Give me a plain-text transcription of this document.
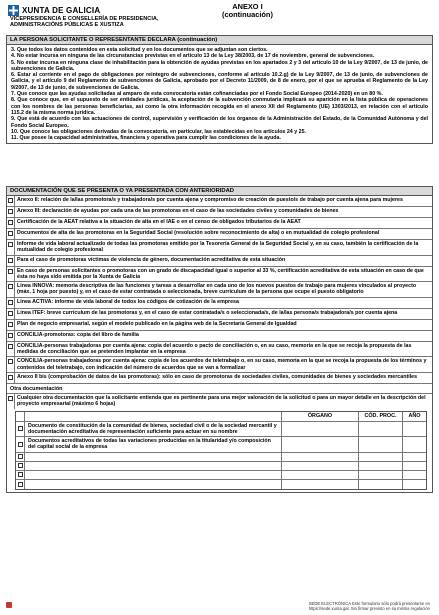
XUNTA DE GALICIA
VICEPRESIDENCIA E CONSELLERÍA DE PRESIDENCIA,
ADMINISTRACIÓNS PÚBLICAS E XUSTIZA
ANEXO I
(continuación)
LA PERSONA SOLICITANTE O REPRESENTANTE DECLARA (continuación)
3. Que todos los datos contenidos en esta solicitud y en los documentos que se adjuntan son ciertos.
4. No estar incursa en ninguna de las circunstancias previstas en el artículo 13 de la Ley 38/2003, de 17 de noviembre, general de subvenciones.
5. No estar incursa en ninguna clase de inhabilitación para la obtención de ayudas previstas en los apartados 2 y 3 del artículo 10 de la Ley 9/2007, de 13 de junio, de subvenciones de Galicia.
6. Estar al corriente en el pago de obligaciones por reintegro de subvenciones, conforme al artículo 10.2.g) de la Ley 9/2007, de 13 de junio, de subvenciones de Galicia, y el artículo 9 del Reglamento de subvenciones de Galicia, aprobado por el Decreto 11/2009, de 8 de enero, por el que se aprueba el Reglamento de la Ley 9/2007, de 13 de junio, de subvenciones de Galicia.
7. Que conoce que las ayudas solicitadas al amparo de esta convocatoria están cofinanciadas por el Fondo Social Europeo (2014-2020) en un 80 %.
8. Que conoce que, en el supuesto de ser entidades jurídicas, la aceptación de la subvención conmutaria implicará su aparición en la lista pública de operaciones con los nombres de las personas beneficiarias, así como la otra información recogida en el anexo XII del Reglamento (UE) 1303/2013, en relación con el artículo 115.2 de la misma norma jurídica.
9. Que está de acuerdo con las actuaciones de control, supervisión y verificación de los órganos de la Administración del Estado, de la Comunidad Autónoma y del Fondo Social Europeo.
10. Que conoce las obligaciones derivadas de la convocatoria, en particular, las establecidas en los artículos 24 y 25.
11. Que posee la capacidad administrativa, financiera y operativa para cumplir las condiciones de la ayuda.
DOCUMENTACIÓN QUE SE PRESENTA O YA PRESENTADA CON ANTERIORIDAD
Anexo II: relación de la/las promotora/s y trabajadora/s por cuenta ajena y compromiso de creación de puesto/s de trabajo por cuenta ajena para mujeres
Anexo III: declaración de ayudas por cada una de las promotoras en el caso de las sociedades civiles y comunidades de bienes
Certificación de la AEAT relativa a la situación de alta en el IAE o en el censo de obligados tributarios de la AEAT
Documentos de alta de las promotoras en la Seguridad Social (resolución sobre reconocimiento de alta) o en mutualidad de colegio profesional
Informe de vida laboral actualizado de todas las promotoras emitido por la Tesorería General de la Seguridad Social y, en su caso, también la certificación de la mutualidad de colegio profesional
Para el caso de promotoras víctimas de violencia de género, documentación acreditativa de esta situación
En caso de personas solicitantes o promotoras con un grado de discapacidad igual o superior al 33 %, certificación acreditativa de esta situación en caso de que ésta no haya sido emitida por la Xunta de Galicia
Línea INNOVA: memoria descriptiva de las funciones y tareas a desarrollar en cada uno de los nuevos puestos de trabajo para mujeres vinculados al proyecto (máx. 1 hoja por puesto) y, en el caso de estar contratada o seleccionada, breve currículum de la persona que ocupe el puesto obligatorio
Línea ACTIVA: informe de vida laboral de todos los códigos de cotización de la empresa
Línea ITEF: breve currículum de las promotoras y, en el caso de estar contratada/s o seleccionada/s, de la/las persona/s trabajadora/s por cuenta ajena
Plan de negocio empresarial, según el modelo publicado en la página web de la Secretaría General de Igualdad
CONCILIA-promotoras: copia del libro de familia
CONCILIA-personas trabajadoras por cuenta ajena: copia del acuerdo o pacto de conciliación o, en su caso, memoria en la que se recoja la propuesta de las medidas de conciliación que se pretenden implantar en la empresa
CONCILIA-personas trabajadoras por cuenta ajena: copia de los acuerdos de teletrabajo o, en su caso, memoria en la que se recoja la propuesta de los términos y contenidos del teletrabajo, con indicación del número de acuerdos que se van a formalizar
Anexo II bis (comprobación de datos de las promotoras): sólo en caso de promotoras de sociedades civiles, comunidades de bienes y sociedades mercantiles
Otra documentación
Cualquier otra documentación que la solicitante entienda que es pertinente para una mejor valoración de la solicitud o para un mayor detalle en la descripción del proyecto empresarial (máximo 6 hojas)
ÓRGANO	CÓD. PROC.	AÑO
Documento de constitución de la comunidad de bienes, sociedad civil o de la sociedad mercantil y documentación acreditativa de representación suficiente para actuar en su nombre
Documentos acreditativos de todas las variaciones producidas en la titularidad y/o composición del capital social de la empresa
SEDE ELECTRÓNICA Este formulario sólo podrá presentarse en
https://sede.xunta.gal. Sin firmar previsto en su misma regulación
